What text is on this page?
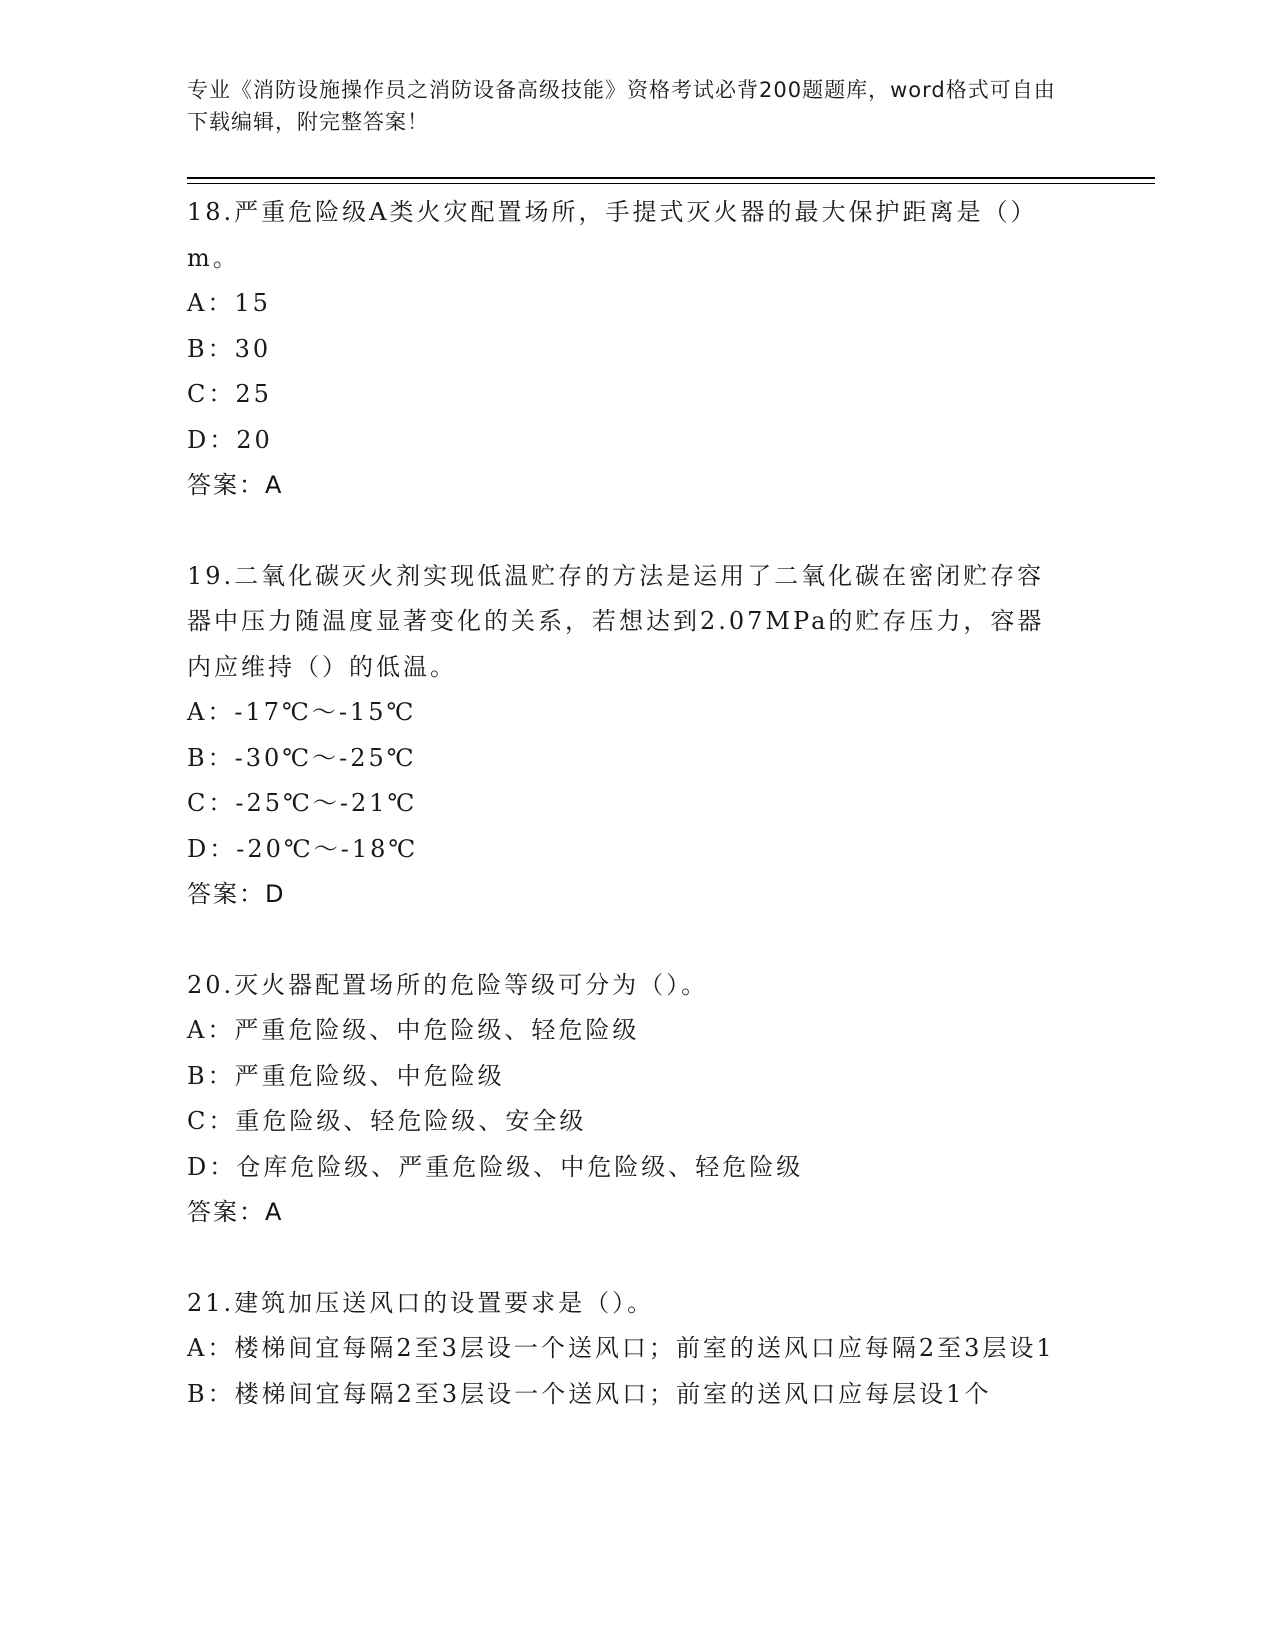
专业《消防设施操作员之消防设备高级技能》资格考试必背200题题库，word格式可自由下载编辑，附完整答案！
18.严重危险级A类火灾配置场所，手提式灭火器的最大保护距离是（）m。
A：15
B：30
C：25
D：20
答案：A
19.二氧化碳灭火剂实现低温贮存的方法是运用了二氧化碳在密闭贮存容器中压力随温度显著变化的关系，若想达到2.07MPa的贮存压力，容器内应维持（）的低温。
A：-17℃～-15℃
B：-30℃～-25℃
C：-25℃～-21℃
D：-20℃～-18℃
答案：D
20.灭火器配置场所的危险等级可分为（）。
A：严重危险级、中危险级、轻危险级
B：严重危险级、中危险级
C：重危险级、轻危险级、安全级
D：仓库危险级、严重危险级、中危险级、轻危险级
答案：A
21.建筑加压送风口的设置要求是（）。
A：楼梯间宜每隔2至3层设一个送风口；前室的送风口应每隔2至3层设1
B：楼梯间宜每隔2至3层设一个送风口；前室的送风口应每层设1个
